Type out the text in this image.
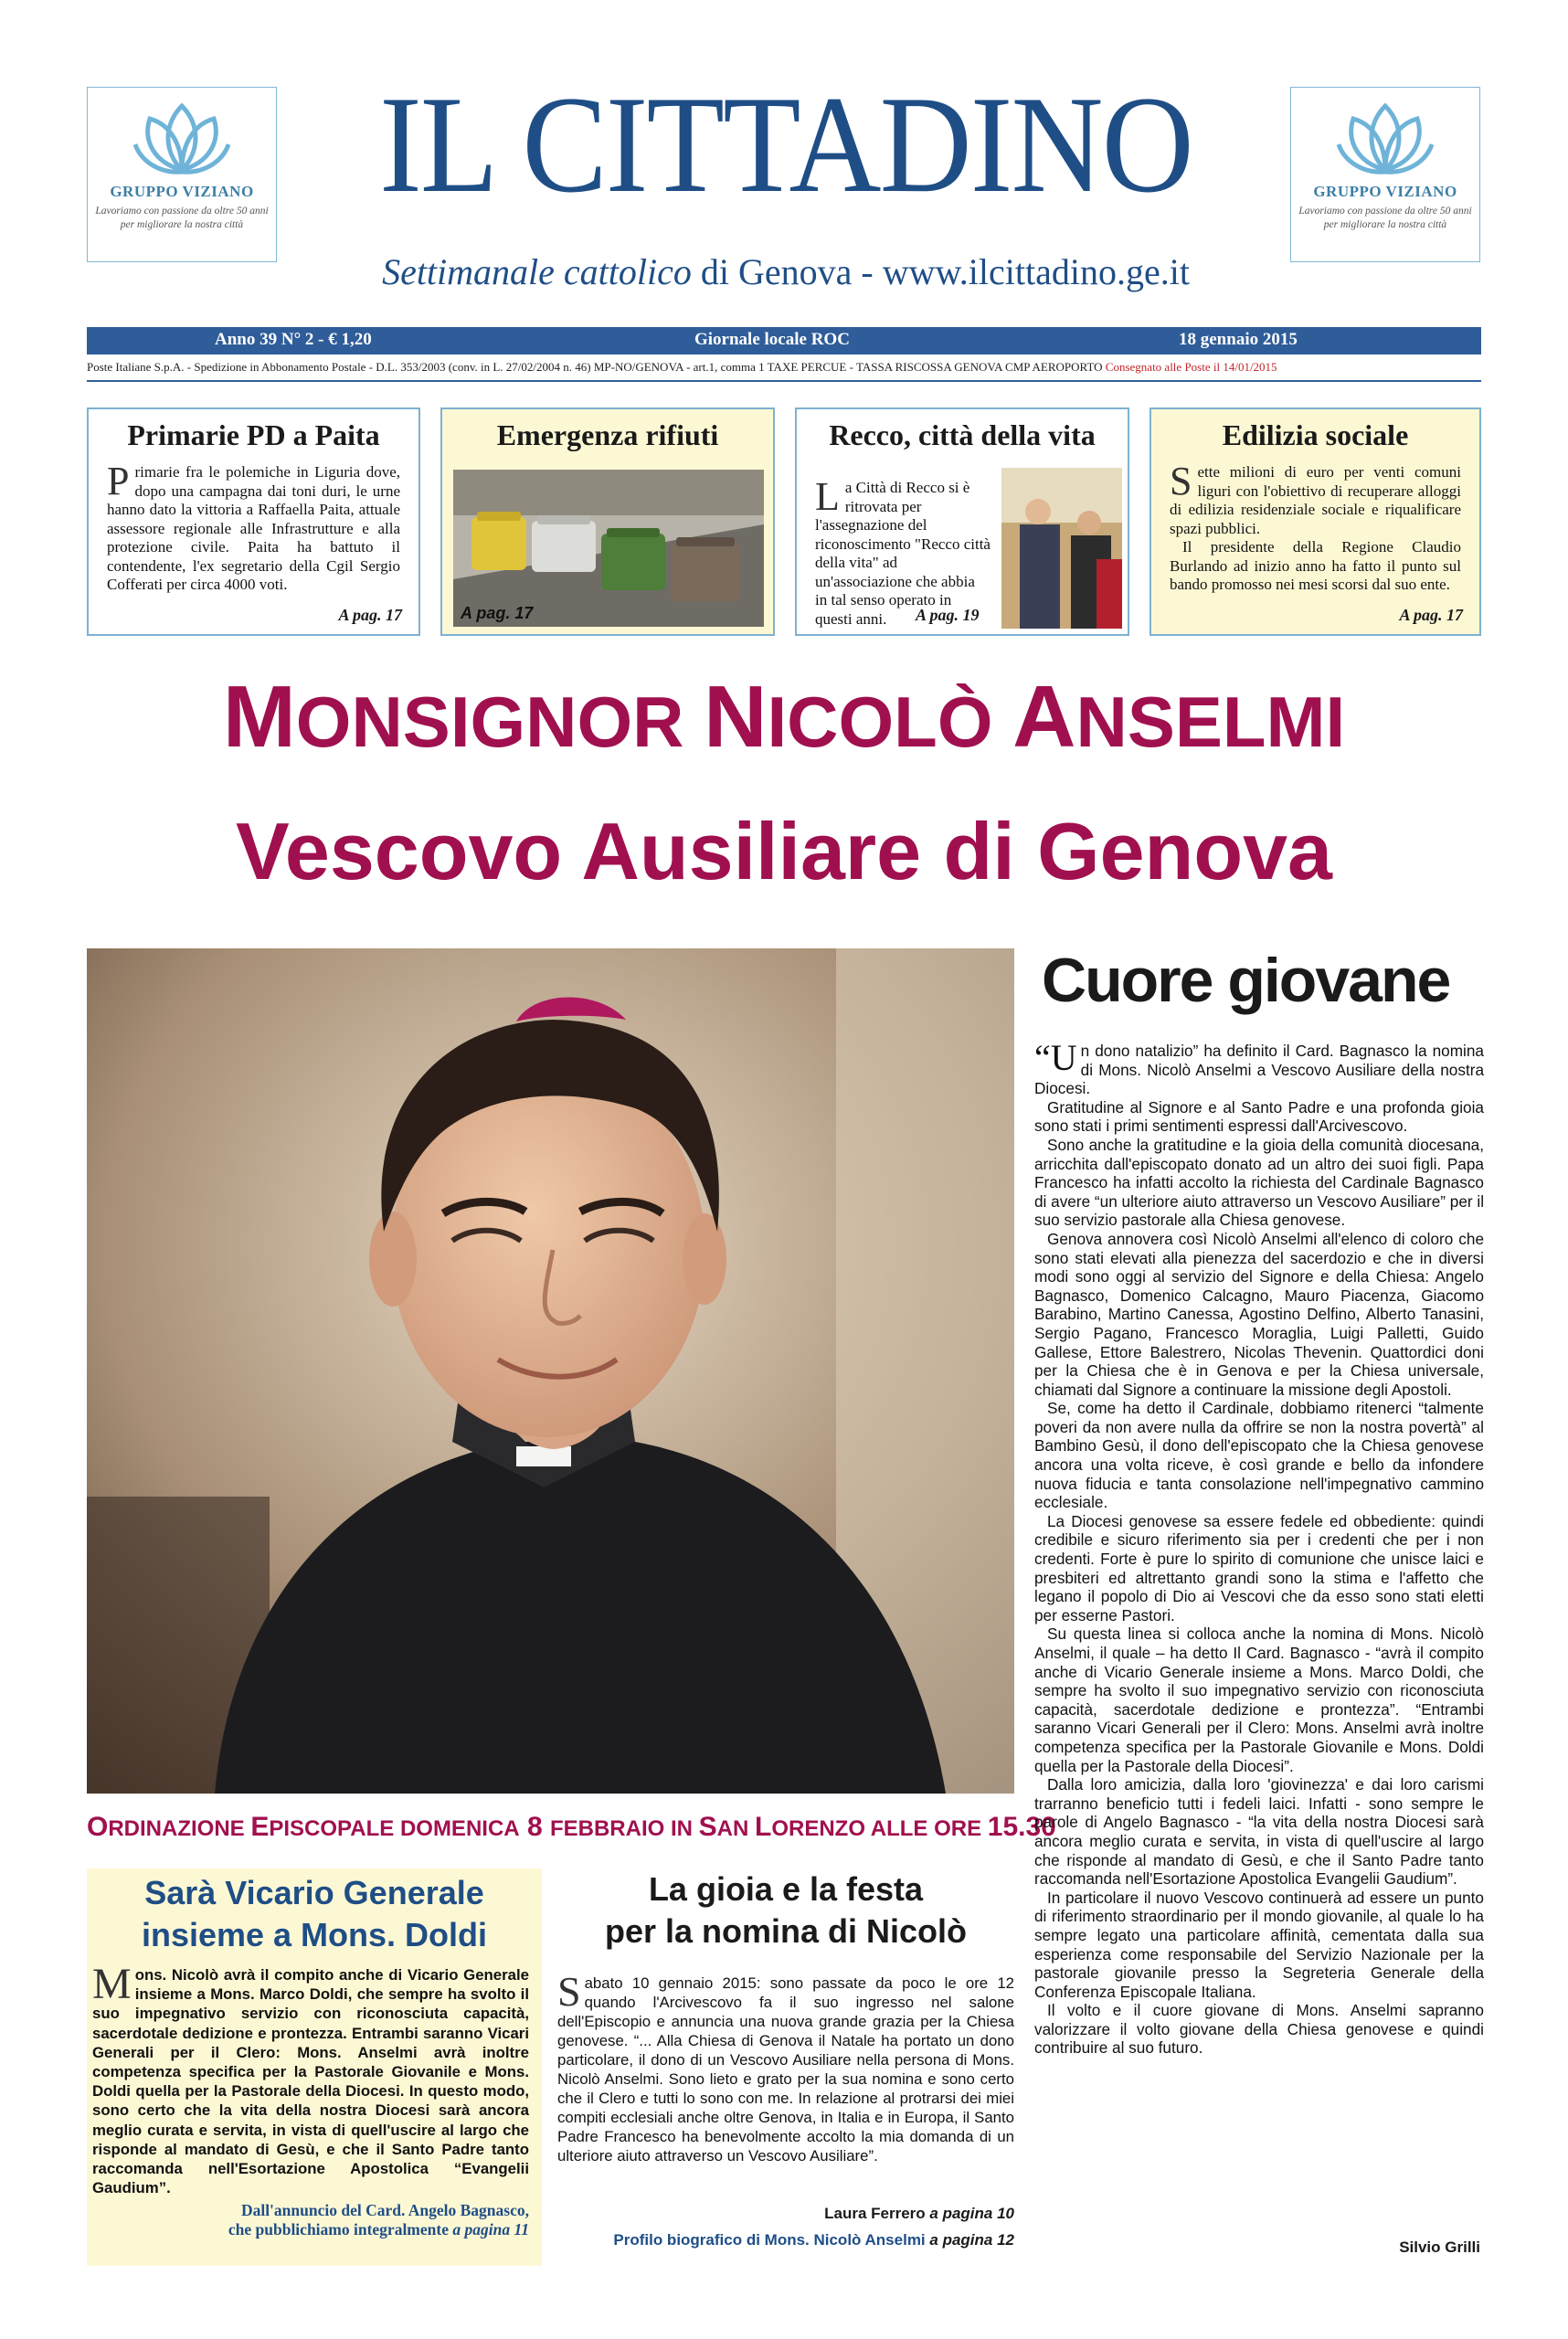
GRUPPO VIZIANO
Lavoriamo con passione da oltre 50 anni per migliorare la nostra città
IL CITTADINO
Settimanale cattolico di Genova - www.ilcittadino.ge.it
GRUPPO VIZIANO
Lavoriamo con passione da oltre 50 anni per migliorare la nostra città
Anno 39 N° 2 - € 1,20	Giornale locale ROC	18 gennaio 2015
Poste Italiane S.p.A. - Spedizione in Abbonamento Postale - D.L. 353/2003 (conv. in L. 27/02/2004 n. 46) MP-NO/GENOVA - art.1, comma 1 TAXE PERCUE - TASSA RISCOSSA GENOVA CMP AEROPORTO Consegnato alle Poste il 14/01/2015
Primarie PD a Paita
Primarie fra le polemiche in Liguria dove, dopo una campagna dai toni duri, le urne hanno dato la vittoria a Raffaella Paita, attuale assessore regionale alle Infrastrutture e alla protezione civile. Paita ha battuto il contendente, l'ex segretario della Cgil Sergio Cofferati per circa 4000 voti.
A pag. 17
Emergenza rifiuti
A pag. 17
Recco, città della vita
La Città di Recco si è ritrovata per l'assegnazione del riconoscimento "Recco città della vita" ad un'associazione che abbia in tal senso operato in questi anni.	A pag. 19
Edilizia sociale
Sette milioni di euro per venti comuni liguri con l'obiettivo di recuperare alloggi di edilizia residenziale sociale e riqualificare spazi pubblici.
Il presidente della Regione Claudio Burlando ad inizio anno ha fatto il punto sul bando promosso nei mesi scorsi dal suo ente.
A pag. 17
MONSIGNOR NICOLÒ ANSELMI
Vescovo Ausiliare di Genova
ORDINAZIONE EPISCOPALE DOMENICA 8 FEBBRAIO IN SAN LORENZO ALLE ORE 15.30
Cuore giovane

“Un dono natalizio” ha definito il Card. Bagnasco la nomina di Mons. Nicolò Anselmi a Vescovo Ausiliare della nostra Diocesi.

Gratitudine al Signore e al Santo Padre e una profonda gioia sono stati i primi sentimenti espressi dall'Arcivescovo.

Sono anche la gratitudine e la gioia della comunità diocesana, arricchita dall'episcopato donato ad un altro dei suoi figli. Papa Francesco ha infatti accolto la richiesta del Cardinale Bagnasco di avere “un ulteriore aiuto attraverso un Vescovo Ausiliare” per il suo servizio pastorale alla Chiesa genovese.

Genova annovera così Nicolò Anselmi all'elenco di coloro che sono stati elevati alla pienezza del sacerdozio e che in diversi modi sono oggi al servizio del Signore e della Chiesa: Angelo Bagnasco, Domenico Calcagno, Mauro Piacenza, Giacomo Barabino, Martino Canessa, Agostino Delfino, Alberto Tanasini, Sergio Pagano, Francesco Moraglia, Luigi Palletti, Guido Gallese, Ettore Balestrero, Nicolas Thevenin. Quattordici doni per la Chiesa che è in Genova e per la Chiesa universale, chiamati dal Signore a continuare la missione degli Apostoli.

Se, come ha detto il Cardinale, dobbiamo ritenerci “talmente poveri da non avere nulla da offrire se non la nostra povertà” al Bambino Gesù, il dono dell'episcopato che la Chiesa genovese ancora una volta riceve, è così grande e bello da infondere nuova fiducia e tanta consolazione nell'impegnativo cammino ecclesiale.

La Diocesi genovese sa essere fedele ed obbediente: quindi credibile e sicuro riferimento sia per i credenti che per i non credenti. Forte è pure lo spirito di comunione che unisce laici e presbiteri ed altrettanto grandi sono la stima e l'affetto che legano il popolo di Dio ai Vescovi che da esso sono stati eletti per esserne Pastori.

Su questa linea si colloca anche la nomina di Mons. Nicolò Anselmi, il quale – ha detto Il Card. Bagnasco - “avrà il compito anche di Vicario Generale insieme a Mons. Marco Doldi, che sempre ha svolto il suo impegnativo servizio con riconosciuta capacità, sacerdotale dedizione e prontezza”. “Entrambi saranno Vicari Generali per il Clero: Mons. Anselmi avrà inoltre competenza specifica per la Pastorale Giovanile e Mons. Doldi quella per la Pastorale della Diocesi”.

Dalla loro amicizia, dalla loro 'giovinezza' e dai loro carismi trarranno beneficio tutti i fedeli laici. Infatti - sono sempre le parole di Angelo Bagnasco - “la vita della nostra Diocesi sarà ancora meglio curata e servita, in vista di quell'uscire al largo che risponde al mandato di Gesù, e che il Santo Padre tanto raccomanda nell'Esortazione Apostolica Evangelii Gaudium”.

In particolare il nuovo Vescovo continuerà ad essere un punto di riferimento straordinario per il mondo giovanile, al quale lo ha sempre legato una particolare affinità, cementata dalla sua esperienza come responsabile del Servizio Nazionale per la pastorale giovanile presso la Segreteria Generale della Conferenza Episcopale Italiana.

Il volto e il cuore giovane di Mons. Anselmi sapranno valorizzare il volto giovane della Chiesa genovese e quindi contribuire al suo futuro.

Silvio Grilli
Sarà Vicario Generale
insieme a Mons. Doldi
Mons. Nicolò avrà il compito anche di Vicario Generale insieme a Mons. Marco Doldi, che sempre ha svolto il suo impegnativo servizio con riconosciuta capacità, sacerdotale dedizione e prontezza. Entrambi saranno Vicari Generali per il Clero: Mons. Anselmi avrà inoltre competenza specifica per la Pastorale Giovanile e Mons. Doldi quella per la Pastorale della Diocesi. In questo modo, sono certo che la vita della nostra Diocesi sarà ancora meglio curata e servita, in vista di quell'uscire al largo che risponde al mandato di Gesù, e che il Santo Padre tanto raccomanda nell'Esortazione Apostolica “Evangelii Gaudium”.
Dall'annuncio del Card. Angelo Bagnasco,
che pubblichiamo integralmente a pagina 11
La gioia e la festa
per la nomina di Nicolò
Sabato 10 gennaio 2015: sono passate da poco le ore 12 quando l'Arcivescovo fa il suo ingresso nel salone dell'Episcopio e annuncia una nuova grande grazia per la Chiesa genovese. “... Alla Chiesa di Genova il Natale ha portato un dono particolare, il dono di un Vescovo Ausiliare nella persona di Mons. Nicolò Anselmi. Sono lieto e grato per la sua nomina e sono certo che il Clero e tutti lo sono con me. In relazione al protrarsi dei miei compiti ecclesiali anche oltre Genova, in Italia e in Europa, il Santo Padre Francesco ha benevolmente accolto la mia domanda di un ulteriore aiuto attraverso un Vescovo Ausiliare”.
Laura Ferrero a pagina 10
Profilo biografico di Mons. Nicolò Anselmi a pagina 12
